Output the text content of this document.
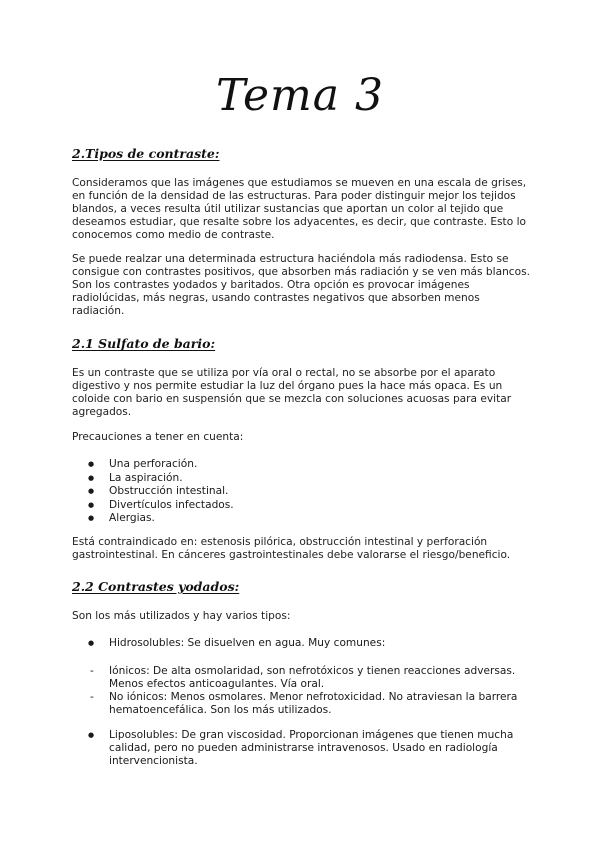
Tema 3
2.Tipos de contraste:
Consideramos que las imágenes que estudiamos se mueven en una escala de grises,
en función de la densidad de las estructuras. Para poder distinguir mejor los tejidos
blandos, a veces resulta útil utilizar sustancias que aportan un color al tejido que
deseamos estudiar, que resalte sobre los adyacentes, es decir, que contraste. Esto lo
conocemos como medio de contraste.
Se puede realzar una determinada estructura haciéndola más radiodensa. Esto se
consigue con contrastes positivos, que absorben más radiación y se ven más blancos.
Son los contrastes yodados y baritados. Otra opción es provocar imágenes
radiolúcidas, más negras, usando contrastes negativos que absorben menos
radiación.
2.1 Sulfato de bario:
Es un contraste que se utiliza por vía oral o rectal, no se absorbe por el aparato
digestivo y nos permite estudiar la luz del órgano pues la hace más opaca. Es un
coloide con bario en suspensión que se mezcla con soluciones acuosas para evitar
agregados.
Precauciones a tener en cuenta:
● Una perforación.
● La aspiración.
● Obstrucción intestinal.
● Divertículos infectados.
● Alergias.
Está contraindicado en: estenosis pilórica, obstrucción intestinal y perforación
gastrointestinal. En cánceres gastrointestinales debe valorarse el riesgo/beneficio.
2.2 Contrastes yodados:
Son los más utilizados y hay varios tipos:
● Hidrosolubles: Se disuelven en agua. Muy comunes:
- Iónicos: De alta osmolaridad, son nefrotóxicos y tienen reacciones adversas.
Menos efectos anticoagulantes. Vía oral.
- No iónicos: Menos osmolares. Menor nefrotoxicidad. No atraviesan la barrera
hematoencefálica. Son los más utilizados.
● Liposolubles: De gran viscosidad. Proporcionan imágenes que tienen mucha
calidad, pero no pueden administrarse intravenosos. Usado en radiología
intervencionista.
